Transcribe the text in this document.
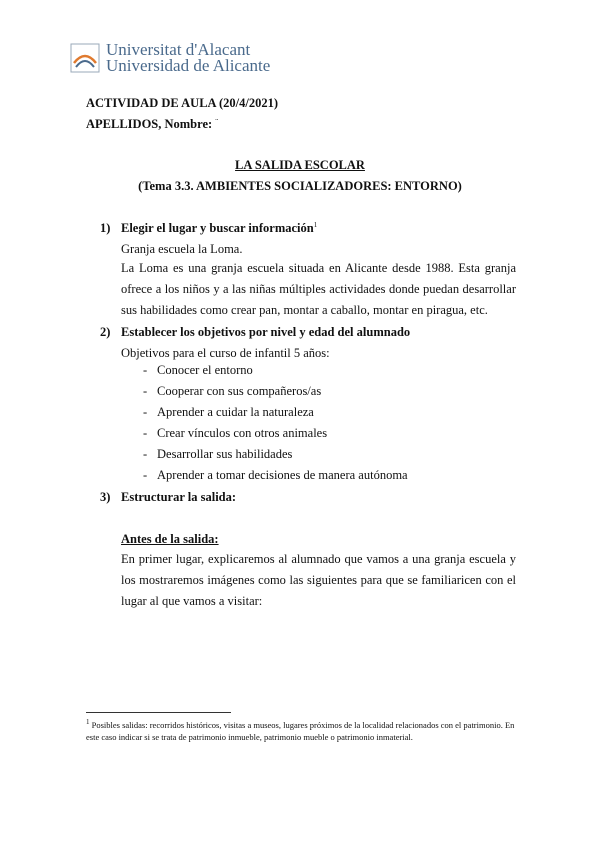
Universitat d'Alacant
Universidad de Alicante
ACTIVIDAD DE AULA (20/4/2021)
APELLIDOS, Nombre: ¨
LA SALIDA ESCOLAR
(Tema 3.3. AMBIENTES SOCIALIZADORES: ENTORNO)
1) Elegir el lugar y buscar información$^1$
Granja escuela la Loma.
La Loma es una granja escuela situada en Alicante desde 1988. Esta granja ofrece a los niños y a las niñas múltiples actividades donde puedan desarrollar sus habilidades como crear pan, montar a caballo, montar en piragua, etc.
2) Establecer los objetivos por nivel y edad del alumnado
Objetivos para el curso de infantil 5 años:
- Conocer el entorno
- Cooperar con sus compañeros/as
- Aprender a cuidar la naturaleza
- Crear vínculos con otros animales
- Desarrollar sus habilidades
- Aprender a tomar decisiones de manera autónoma
3) Estructurar la salida:
Antes de la salida:
En primer lugar, explicaremos al alumnado que vamos a una granja escuela y los mostraremos imágenes como las siguientes para que se familiaricen con el lugar al que vamos a visitar:
$^1$ Posibles salidas: recorridos históricos, visitas a museos, lugares próximos de la localidad relacionados con el patrimonio. En este caso indicar si se trata de patrimonio inmueble, patrimonio mueble o patrimonio inmaterial.
